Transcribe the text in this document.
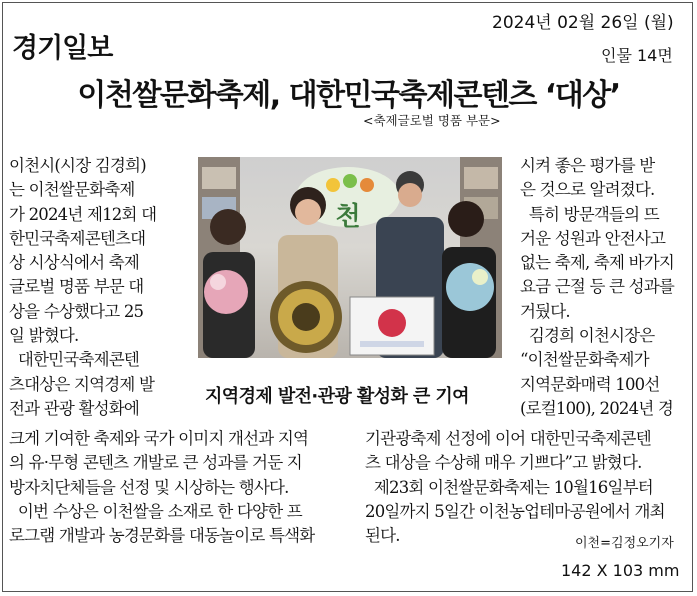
경기일보
2024년 02월 26일 (월)
인물 14면
이천쌀문화축제, 대한민국축제콘텐츠 ‘대상’
<축제글로벌 명품 부문>
이천시(시장 김경희)
는 이천쌀문화축제
가 2024년 제12회 대
한민국축제콘텐츠대
상 시상식에서 축제
글로벌 명품 부문 대
상을 수상했다고 25
일 밝혔다.
대한민국축제콘텐
츠대상은 지역경제 발
전과 관광 활성화에
천
지역경제 발전·관광 활성화 큰 기여
시켜 좋은 평가를 받
은 것으로 알려졌다.
특히 방문객들의 뜨
거운 성원과 안전사고
없는 축제, 축제 바가지
요금 근절 등 큰 성과를
거뒀다.
김경희 이천시장은
“이천쌀문화축제가
지역문화매력 100선
(로컬100), 2024년 경
크게 기여한 축제와 국가 이미지 개선과 지역
의 유·무형 콘텐츠 개발로 큰 성과를 거둔 지
방자치단체들을 선정 및 시상하는 행사다.
이번 수상은 이천쌀을 소재로 한 다양한 프
로그램 개발과 농경문화를 대동놀이로 특색화
기관광축제 선정에 이어 대한민국축제콘텐
츠 대상을 수상해 매우 기쁘다”고 밝혔다.
제23회 이천쌀문화축제는 10월16일부터
20일까지 5일간 이천농업테마공원에서 개최
된다.	이천=김정오기자
142 X 103 mm
